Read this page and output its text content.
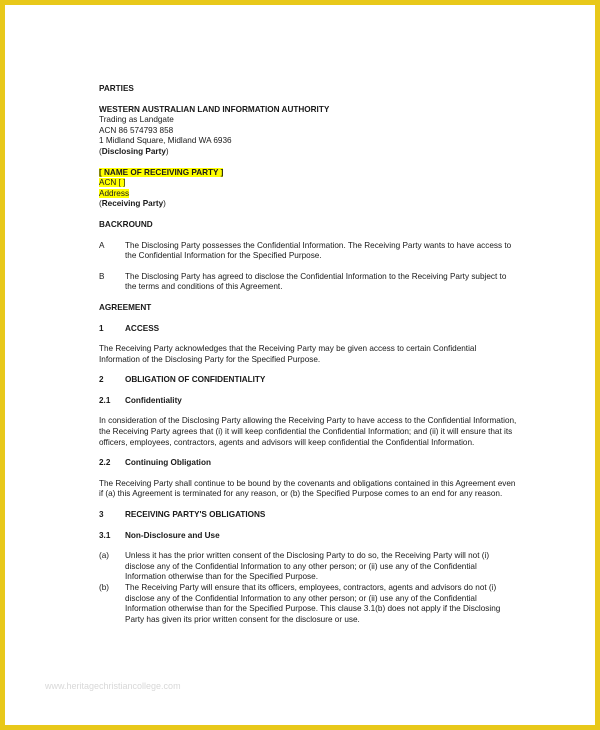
PARTIES

WESTERN AUSTRALIAN LAND INFORMATION AUTHORITY

Trading as Landgate

ACN 86 574793 858

1 Midland Square, Midland WA 6936

(Disclosing Party)

[ NAME OF RECEIVING PARTY ]

ACN [ ]

Address

(Receiving Party)

BACKROUND

A	The Disclosing Party possesses the Confidential Information. The Receiving Party wants to have access to the Confidential Information for the Specified Purpose.
B	The Disclosing Party has agreed to disclose the Confidential Information to the Receiving Party subject to the terms and conditions of this Agreement.

AGREEMENT

1	ACCESS

The Receiving Party acknowledges that the Receiving Party may be given access to certain Confidential Information of the Disclosing Party for the Specified Purpose.

2	OBLIGATION OF CONFIDENTIALITY
2.1	Confidentiality

In consideration of the Disclosing Party allowing the Receiving Party to have access to the Confidential Information, the Receiving Party agrees that (i) it will keep confidential the Confidential Information; and (ii) it will ensure that its officers, employees, contractors, agents and advisors will keep confidential the Confidential Information.

2.2	Continuing Obligation

The Receiving Party shall continue to be bound by the covenants and obligations contained in this Agreement even if (a) this Agreement is terminated for any reason, or (b) the Specified Purpose comes to an end for any reason.

3	RECEIVING PARTY'S OBLIGATIONS
3.1	Non-Disclosure and Use
(a)	Unless it has the prior written consent of the Disclosing Party to do so, the Receiving Party will not (i) disclose any of the Confidential Information to any other person; or (ii) use any of the Confidential Information otherwise than for the Specified Purpose.
(b)	The Receiving Party will ensure that its officers, employees, contractors, agents and advisors do not (i) disclose any of the Confidential Information to any other person; or (ii) use any of the Confidential Information otherwise than for the Specified Purpose. This clause 3.1(b) does not apply if the Disclosing Party has given its prior written consent for the disclosure or use.
www.heritagechristiancollege.com
